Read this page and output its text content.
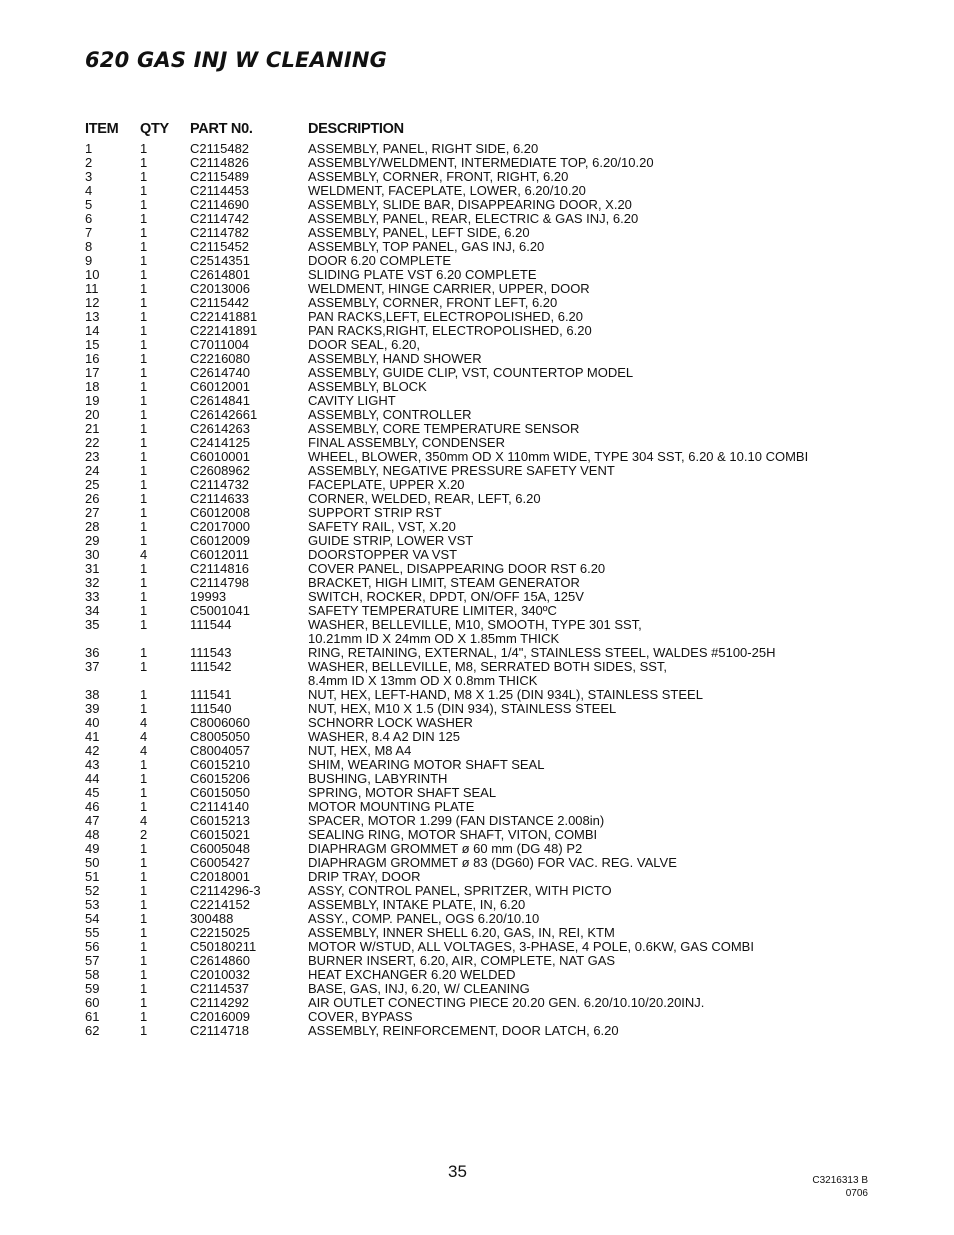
620 GAS INJ W CLEANING
ITEM QTY PART N0.	DESCRIPTION
1	1	C2115482	ASSEMBLY, PANEL, RIGHT SIDE, 6.20
2	1	C2114826	ASSEMBLY/WELDMENT, INTERMEDIATE TOP, 6.20/10.20
3	1	C2115489	ASSEMBLY, CORNER, FRONT, RIGHT, 6.20
4	1	C2114453	WELDMENT, FACEPLATE, LOWER, 6.20/10.20
5	1	C2114690	ASSEMBLY, SLIDE BAR, DISAPPEARING DOOR, X.20
6	1	C2114742	ASSEMBLY, PANEL, REAR, ELECTRIC & GAS INJ, 6.20
7	1	C2114782	ASSEMBLY, PANEL, LEFT SIDE, 6.20
8	1	C2115452	ASSEMBLY, TOP PANEL, GAS INJ, 6.20
9	1	C2514351	DOOR 6.20 COMPLETE
10	1	C2614801	SLIDING PLATE VST 6.20 COMPLETE
11	1	C2013006	WELDMENT, HINGE CARRIER, UPPER, DOOR
12	1	C2115442	ASSEMBLY, CORNER, FRONT LEFT, 6.20
13	1	C22141881	PAN RACKS,LEFT, ELECTROPOLISHED, 6.20
14	1	C22141891	PAN RACKS,RIGHT, ELECTROPOLISHED, 6.20
15	1	C7011004	DOOR SEAL, 6.20,
16	1	C2216080	ASSEMBLY, HAND SHOWER
17	1	C2614740	ASSEMBLY, GUIDE CLIP, VST, COUNTERTOP MODEL
18	1	C6012001	ASSEMBLY, BLOCK
19	1	C2614841	CAVITY LIGHT
20	1	C26142661	ASSEMBLY, CONTROLLER
21	1	C2614263	ASSEMBLY, CORE TEMPERATURE SENSOR
22	1	C2414125	FINAL ASSEMBLY, CONDENSER
23	1	C6010001	WHEEL, BLOWER, 350mm OD X 110mm WIDE, TYPE 304 SST, 6.20 & 10.10 COMBI
24	1	C2608962	ASSEMBLY, NEGATIVE PRESSURE SAFETY VENT
25	1	C2114732	FACEPLATE, UPPER X.20
26	1	C2114633	CORNER, WELDED, REAR, LEFT, 6.20
27	1	C6012008	SUPPORT STRIP RST
28	1	C2017000	SAFETY RAIL, VST, X.20
29	1	C6012009	GUIDE STRIP, LOWER VST
30	4	C6012011	DOORSTOPPER VA VST
31	1	C2114816	COVER PANEL, DISAPPEARING DOOR RST 6.20
32	1	C2114798	BRACKET, HIGH LIMIT, STEAM GENERATOR
33	1	19993	SWITCH, ROCKER, DPDT, ON/OFF 15A, 125V
34	1	C5001041	SAFETY TEMPERATURE LIMITER, 340ºC
35	1	111544	WASHER, BELLEVILLE, M10, SMOOTH, TYPE 301 SST,
10.21mm ID X 24mm OD X 1.85mm THICK
36	1	111543	RING, RETAINING, EXTERNAL, 1/4", STAINLESS STEEL, WALDES #5100-25H
37	1	111542	WASHER, BELLEVILLE, M8, SERRATED BOTH SIDES, SST,
8.4mm ID X 13mm OD X 0.8mm THICK
38	1	111541	NUT, HEX, LEFT-HAND, M8 X 1.25 (DIN 934L), STAINLESS STEEL
39	1	111540	NUT, HEX, M10 X 1.5 (DIN 934), STAINLESS STEEL
40	4	C8006060	SCHNORR LOCK WASHER
41	4	C8005050	WASHER, 8.4 A2 DIN 125
42	4	C8004057	NUT, HEX, M8 A4
43	1	C6015210	SHIM, WEARING MOTOR SHAFT SEAL
44	1	C6015206	BUSHING, LABYRINTH
45	1	C6015050	SPRING, MOTOR SHAFT SEAL
46	1	C2114140	MOTOR MOUNTING PLATE
47	4	C6015213	SPACER, MOTOR 1.299 (FAN DISTANCE 2.008in)
48	2	C6015021	SEALING RING, MOTOR SHAFT, VITON, COMBI
49	1	C6005048	DIAPHRAGM GROMMET ø 60 mm (DG 48) P2
50	1	C6005427	DIAPHRAGM GROMMET ø 83 (DG60) FOR VAC. REG. VALVE
51	1	C2018001	DRIP TRAY, DOOR
52	1	C2114296-3	ASSY, CONTROL PANEL, SPRITZER, WITH PICTO
53	1	C2214152	ASSEMBLY, INTAKE PLATE, IN, 6.20
54	1	300488	ASSY., COMP. PANEL, OGS 6.20/10.10
55	1	C2215025	ASSEMBLY, INNER SHELL 6.20, GAS, IN, REI, KTM
56	1	C50180211	MOTOR W/STUD, ALL VOLTAGES, 3-PHASE, 4 POLE, 0.6KW, GAS COMBI
57	1	C2614860	BURNER INSERT, 6.20, AIR, COMPLETE, NAT GAS
58	1	C2010032	HEAT EXCHANGER 6.20 WELDED
59	1	C2114537	BASE, GAS, INJ, 6.20, W/ CLEANING
60	1	C2114292	AIR OUTLET CONECTING PIECE 20.20 GEN. 6.20/10.10/20.20INJ.
61	1	C2016009	COVER, BYPASS
62	1	C2114718	ASSEMBLY, REINFORCEMENT, DOOR LATCH, 6.20
35	C3216313 B
0706
